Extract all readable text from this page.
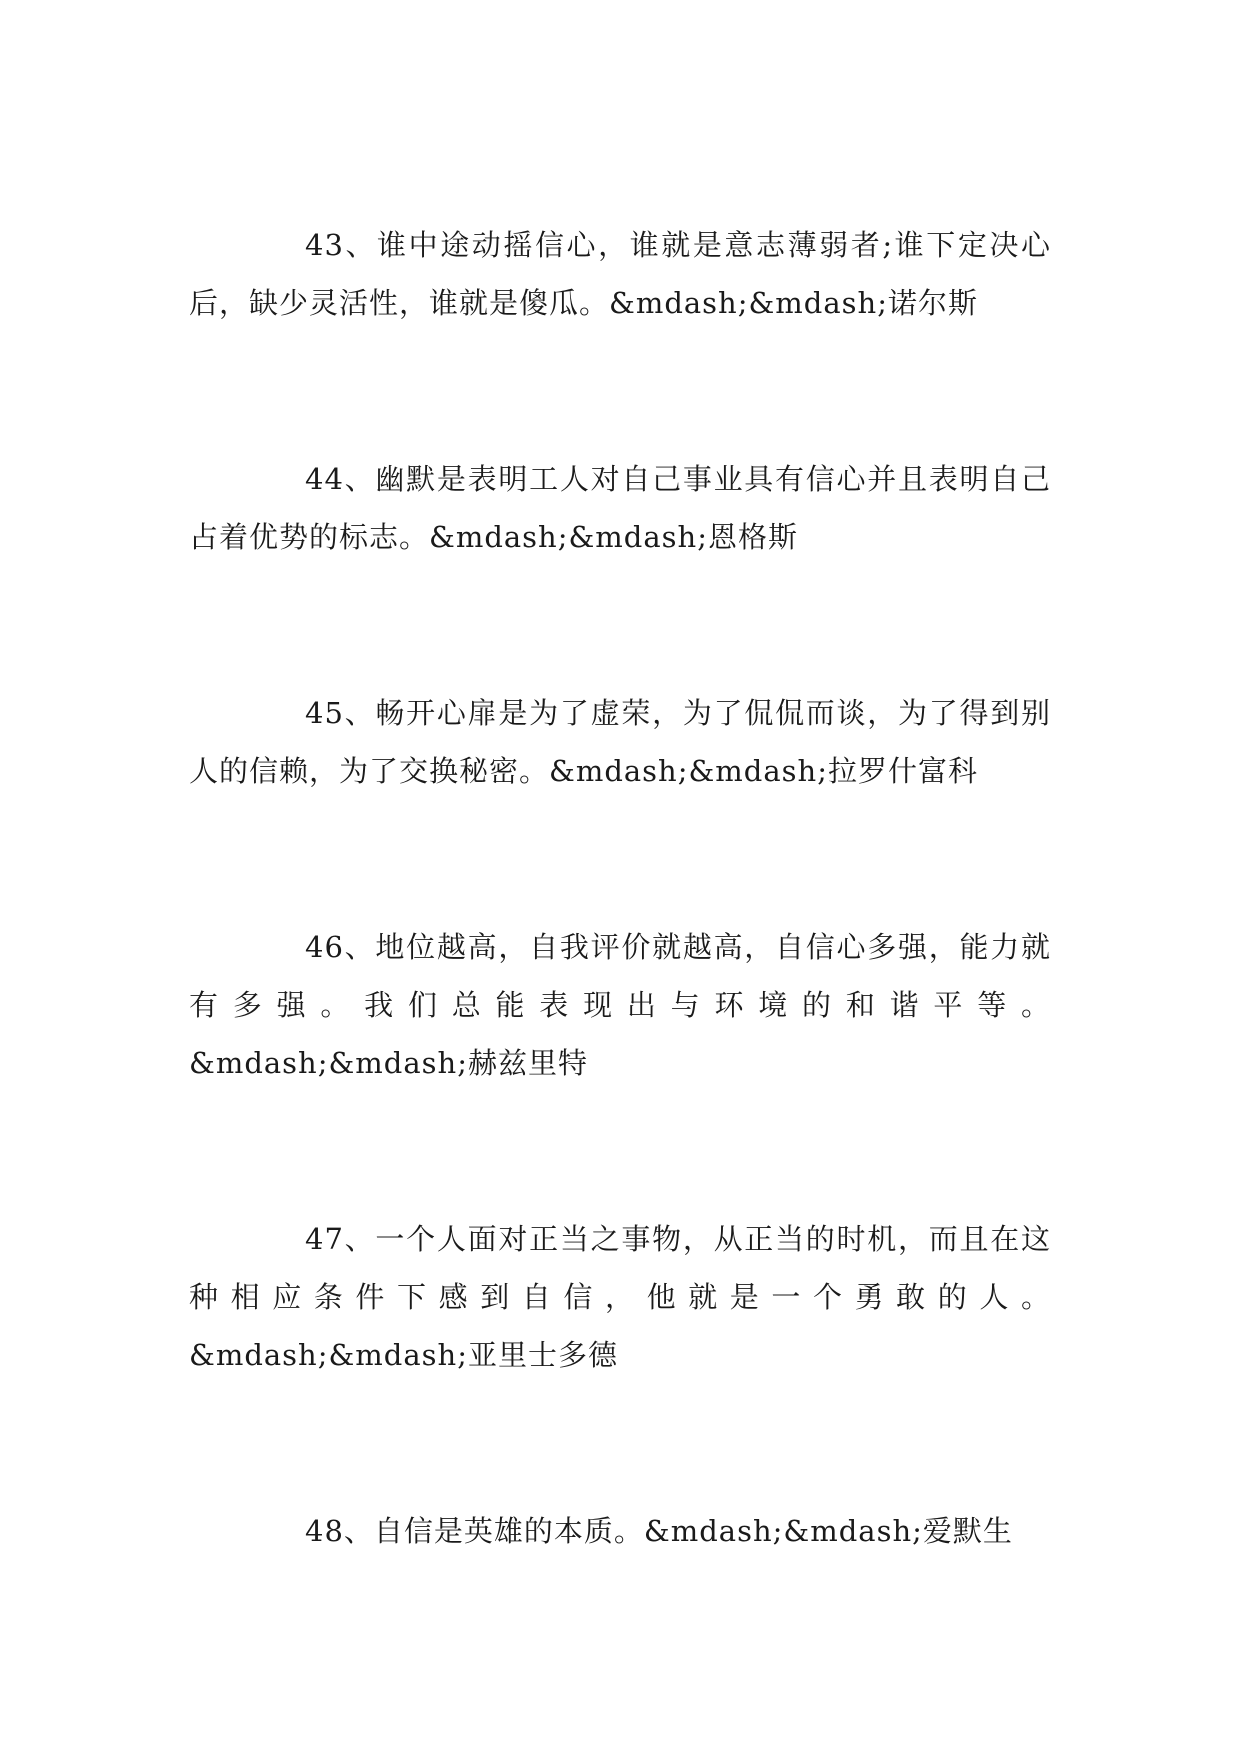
43、谁中途动摇信心，谁就是意志薄弱者;谁下定决心后，缺少灵活性，谁就是傻瓜。&mdash;&mdash;诺尔斯

44、幽默是表明工人对自己事业具有信心并且表明自己占着优势的标志。&mdash;&mdash;恩格斯

45、畅开心扉是为了虚荣，为了侃侃而谈，为了得到别人的信赖，为了交换秘密。&mdash;&mdash;拉罗什富科

46、地位越高，自我评价就越高，自信心多强，能力就有多强。我们总能表现出与环境的和谐平等。&mdash;&mdash;赫兹里特

47、一个人面对正当之事物，从正当的时机，而且在这种相应条件下感到自信，他就是一个勇敢的人。&mdash;&mdash;亚里士多德

48、自信是英雄的本质。&mdash;&mdash;爱默生
